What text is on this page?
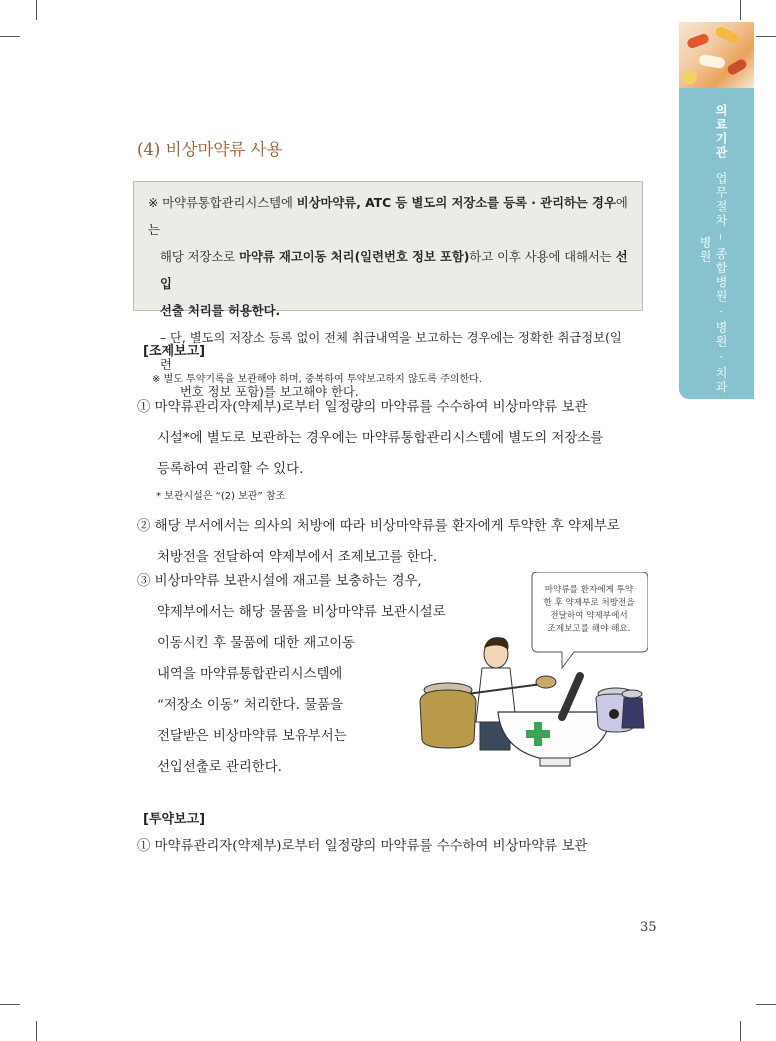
의료기관 업무절차 – 종합병원 · 병원 · 치과병원
(4) 비상마약류 사용

※ 마약류통합관리시스템에 비상마약류, ATC 등 별도의 저장소를 등록 · 관리하는 경우에는

해당 저장소로 마약류 재고이동 처리(일련번호 정보 포함)하고 이후 사용에 대해서는 선입

선출 처리를 허용한다.

– 단, 별도의 저장소 등록 없이 전체 취급내역을 보고하는 경우에는 정확한 취급정보(일련

번호 정보 포함)를 보고해야 한다.

[조제보고]
※ 별도 투약기록을 보관해야 하며, 중복하여 투약보고하지 않도록 주의한다.
① 마약류관리자(약제부)로부터 일정량의 마약류를 수수하여 비상마약류 보관
시설*에 별도로 보관하는 경우에는 마약류통합관리시스템에 별도의 저장소를
등록하여 관리할 수 있다.
* 보관시설은 “(2) 보관” 참조
② 해당 부서에서는 의사의 처방에 따라 비상마약류를 환자에게 투약한 후 약제부로
처방전을 전달하여 약제부에서 조제보고를 한다.
③ 비상마약류 보관시설에 재고를 보충하는 경우,
약제부에서는 해당 물품을 비상마약류 보관시설로
이동시킨 후 물품에 대한 재고이동
내역을 마약류통합관리시스템에
“저장소 이동” 처리한다. 물품을
전달받은 비상마약류 보유부서는
선입선출로 관리한다.
마약류를 환자에게 투약
한 후 약제부로 처방전을
전달하여 약제부에서
조제보고를 해야 해요.
[투약보고]
① 마약류관리자(약제부)로부터 일정량의 마약류를 수수하여 비상마약류 보관
35
